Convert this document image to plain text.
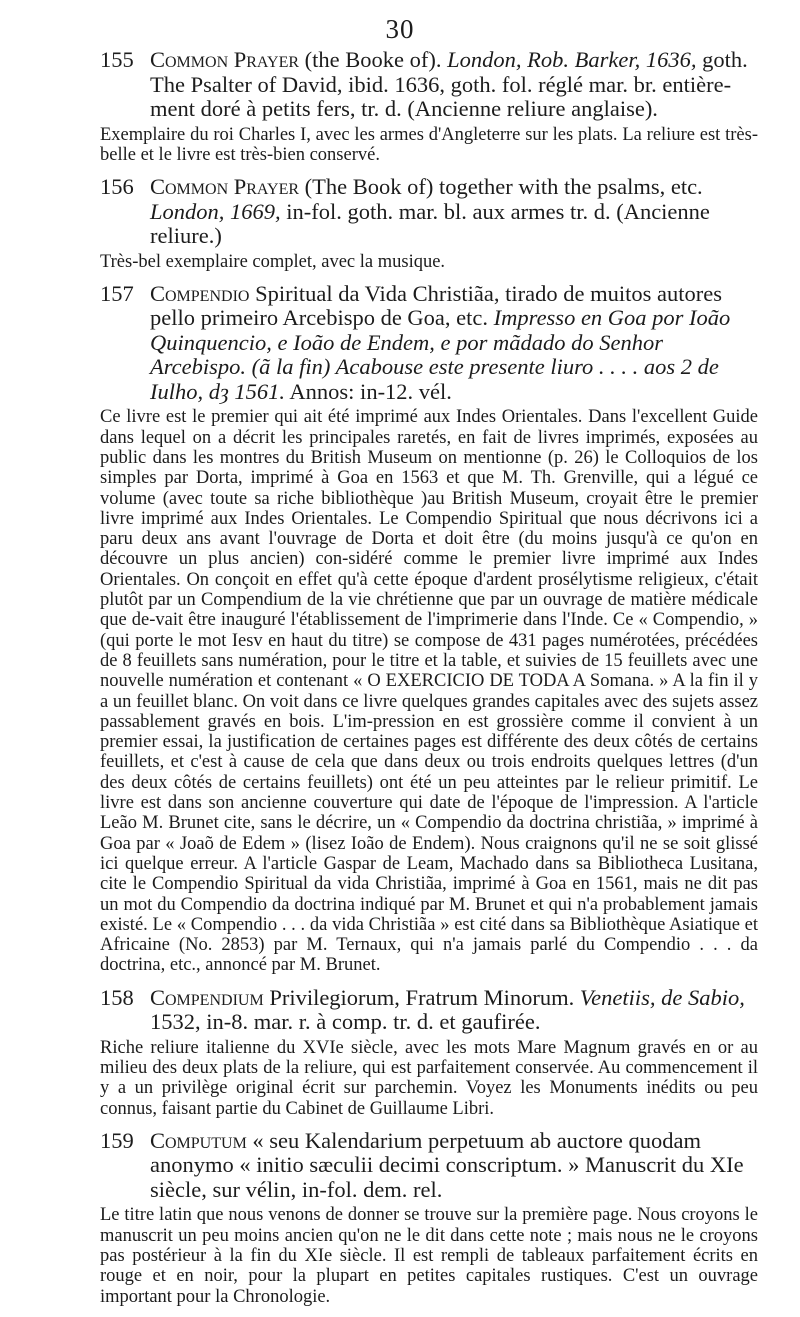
30
155 Common Prayer (the Booke of). London, Rob. Barker, 1636, goth. The Psalter of David, ibid. 1636, goth. fol. réglé mar. br. entière-ment doré à petits fers, tr. d. (Ancienne reliure anglaise).
Exemplaire du roi Charles I, avec les armes d'Angleterre sur les plats. La reliure est très-belle et le livre est très-bien conservé.
156 Common Prayer (The Book of) together with the psalms, etc. London, 1669, in-fol. goth. mar. bl. aux armes tr. d. (Ancienne reliure.)
Très-bel exemplaire complet, avec la musique.
157 Compendio Spiritual da Vida Christiãa, tirado de muitos autores pello primeiro Arcebispo de Goa, etc. Impresso en Goa por Ioão Quinquencio, e Ioão de Endem, e por mãdado do Senhor Arcebispo. (ã la fin) Acabouse este presente liuro . . . . aos 2 de Iulho, dȝ 1561. Annos: in-12. vél.
Ce livre est le premier qui ait été imprimé aux Indes Orientales. Dans l'excellent Guide dans lequel on a décrit les principales raretés, en fait de livres imprimés, exposées au public dans les montres du British Museum on mentionne (p. 26) le Colloquios de los simples par Dorta, imprimé à Goa en 1563 et que M. Th. Grenville, qui a légué ce volume (avec toute sa riche bibliothèque )au British Museum, croyait être le premier livre imprimé aux Indes Orientales. Le Compendio Spiritual que nous décrivons ici a paru deux ans avant l'ouvrage de Dorta et doit être (du moins jusqu'à ce qu'on en découvre un plus ancien) con-sidéré comme le premier livre imprimé aux Indes Orientales. On conçoit en effet qu'à cette époque d'ardent prosélytisme religieux, c'était plutôt par un Compendium de la vie chrétienne que par un ouvrage de matière médicale que de-vait être inauguré l'établissement de l'imprimerie dans l'Inde. Ce « Compendio, » (qui porte le mot Iesv en haut du titre) se compose de 431 pages numérotées, précédées de 8 feuillets sans numération, pour le titre et la table, et suivies de 15 feuillets avec une nouvelle numération et contenant « O EXERCICIO DE TODA A Somana. » A la fin il y a un feuillet blanc. On voit dans ce livre quelques grandes capitales avec des sujets assez passablement gravés en bois. L'im-pression en est grossière comme il convient à un premier essai, la justification de certaines pages est différente des deux côtés de certains feuillets, et c'est à cause de cela que dans deux ou trois endroits quelques lettres (d'un des deux côtés de certains feuillets) ont été un peu atteintes par le relieur primitif. Le livre est dans son ancienne couverture qui date de l'époque de l'impression. A l'article Leão M. Brunet cite, sans le décrire, un « Compendio da doctrina christiãa, » imprimé à Goa par « Joaõ de Edem » (lisez Ioão de Endem). Nous craignons qu'il ne se soit glissé ici quelque erreur. A l'article Gaspar de Leam, Machado dans sa Bibliotheca Lusitana, cite le Compendio Spiritual da vida Christiãa, imprimé à Goa en 1561, mais ne dit pas un mot du Compendio da doctrina indiqué par M. Brunet et qui n'a probablement jamais existé. Le « Compendio . . . da vida Christiãa » est cité dans sa Bibliothèque Asiatique et Africaine (No. 2853) par M. Ternaux, qui n'a jamais parlé du Compendio . . . da doctrina, etc., annoncé par M. Brunet.
158 Compendium Privilegiorum, Fratrum Minorum. Venetiis, de Sabio, 1532, in-8. mar. r. à comp. tr. d. et gaufirée.
Riche reliure italienne du XVIe siècle, avec les mots Mare Magnum gravés en or au milieu des deux plats de la reliure, qui est parfaitement conservée. Au commencement il y a un privilège original écrit sur parchemin. Voyez les Monuments inédits ou peu connus, faisant partie du Cabinet de Guillaume Libri.
159 Computum « seu Kalendarium perpetuum ab auctore quodam anonymo « initio sæculii decimi conscriptum. » Manuscrit du XIe siècle, sur vélin, in-fol. dem. rel.
Le titre latin que nous venons de donner se trouve sur la première page. Nous croyons le manuscrit un peu moins ancien qu'on ne le dit dans cette note ; mais nous ne le croyons pas postérieur à la fin du XIe siècle. Il est rempli de tableaux parfaitement écrits en rouge et en noir, pour la plupart en petites capitales rustiques. C'est un ouvrage important pour la Chronologie.
